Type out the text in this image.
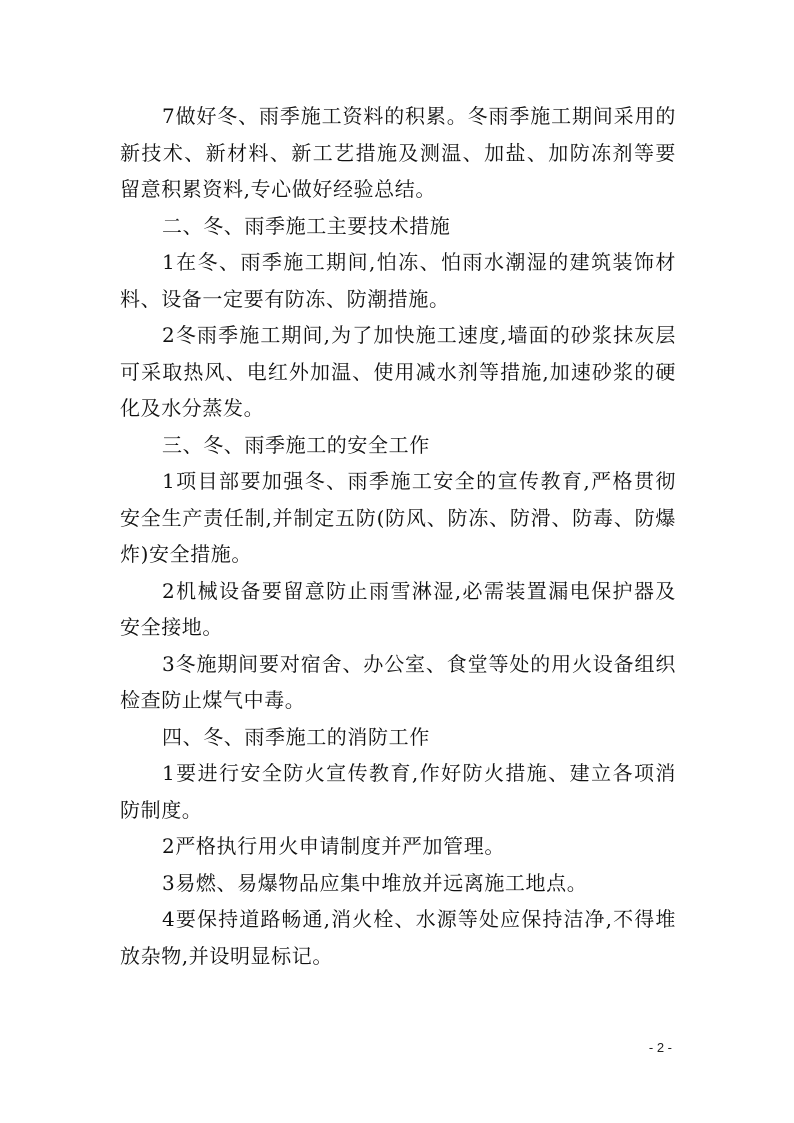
7做好冬、雨季施工资料的积累。冬雨季施工期间采用的新技术、新材料、新工艺措施及测温、加盐、加防冻剂等要留意积累资料,专心做好经验总结。

二、冬、雨季施工主要技术措施

1在冬、雨季施工期间,怕冻、怕雨水潮湿的建筑装饰材料、设备一定要有防冻、防潮措施。

2冬雨季施工期间,为了加快施工速度,墙面的砂浆抹灰层可采取热风、电红外加温、使用减水剂等措施,加速砂浆的硬化及水分蒸发。

三、冬、雨季施工的安全工作

1项目部要加强冬、雨季施工安全的宣传教育,严格贯彻安全生产责任制,并制定五防(防风、防冻、防滑、防毒、防爆炸)安全措施。

2机械设备要留意防止雨雪淋湿,必需装置漏电保护器及安全接地。

3冬施期间要对宿舍、办公室、食堂等处的用火设备组织检查防止煤气中毒。

四、冬、雨季施工的消防工作

1要进行安全防火宣传教育,作好防火措施、建立各项消防制度。

2严格执行用火申请制度并严加管理。

3易燃、易爆物品应集中堆放并远离施工地点。

4要保持道路畅通,消火栓、水源等处应保持洁净,不得堆放杂物,并设明显标记。

- 2 -
